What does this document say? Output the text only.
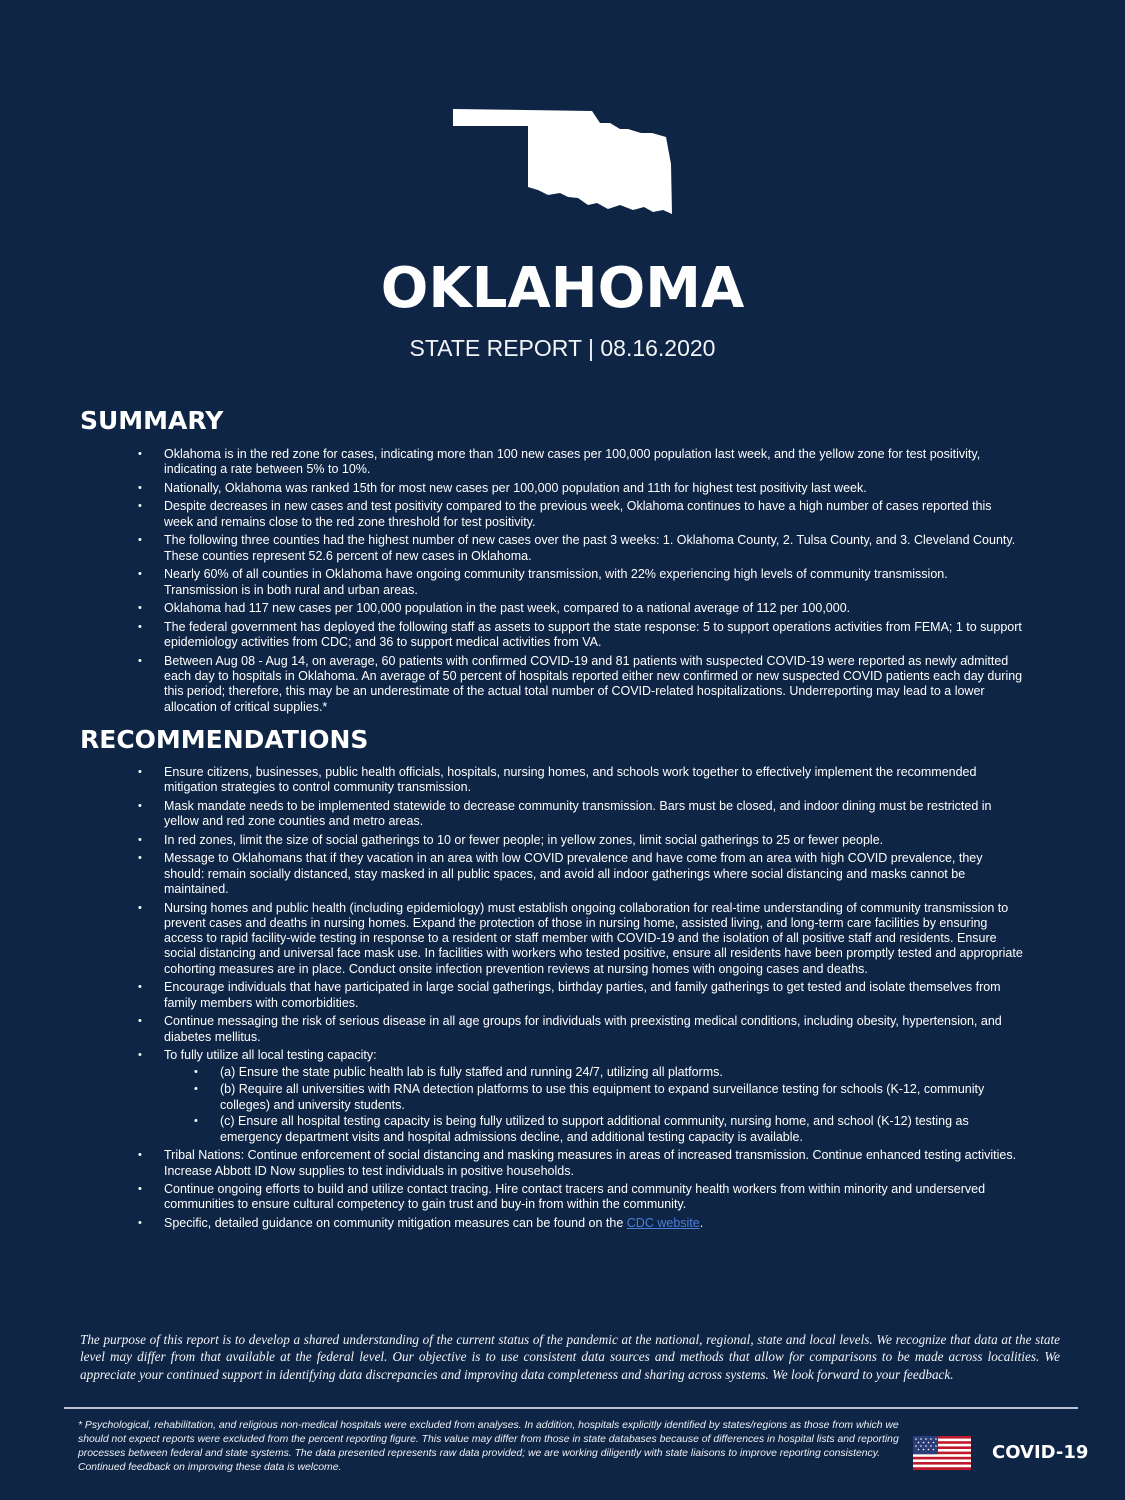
OKLAHOMA
STATE REPORT | 08.16.2020
SUMMARY
• Oklahoma is in the red zone for cases, indicating more than 100 new cases per 100,000 population last week, and the yellow zone for test positivity, indicating a rate between 5% to 10%.
• Nationally, Oklahoma was ranked 15th for most new cases per 100,000 population and 11th for highest test positivity last week.
• Despite decreases in new cases and test positivity compared to the previous week, Oklahoma continues to have a high number of cases reported this week and remains close to the red zone threshold for test positivity.
• The following three counties had the highest number of new cases over the past 3 weeks: 1. Oklahoma County, 2. Tulsa County, and 3. Cleveland County. These counties represent 52.6 percent of new cases in Oklahoma.
• Nearly 60% of all counties in Oklahoma have ongoing community transmission, with 22% experiencing high levels of community transmission. Transmission is in both rural and urban areas.
• Oklahoma had 117 new cases per 100,000 population in the past week, compared to a national average of 112 per 100,000.
• The federal government has deployed the following staff as assets to support the state response: 5 to support operations activities from FEMA; 1 to support epidemiology activities from CDC; and 36 to support medical activities from VA.
• Between Aug 08 - Aug 14, on average, 60 patients with confirmed COVID-19 and 81 patients with suspected COVID-19 were reported as newly admitted each day to hospitals in Oklahoma. An average of 50 percent of hospitals reported either new confirmed or new suspected COVID patients each day during this period; therefore, this may be an underestimate of the actual total number of COVID-related hospitalizations. Underreporting may lead to a lower allocation of critical supplies.*
RECOMMENDATIONS
• Ensure citizens, businesses, public health officials, hospitals, nursing homes, and schools work together to effectively implement the recommended mitigation strategies to control community transmission.
• Mask mandate needs to be implemented statewide to decrease community transmission. Bars must be closed, and indoor dining must be restricted in yellow and red zone counties and metro areas.
• In red zones, limit the size of social gatherings to 10 or fewer people; in yellow zones, limit social gatherings to 25 or fewer people.
• Message to Oklahomans that if they vacation in an area with low COVID prevalence and have come from an area with high COVID prevalence, they should: remain socially distanced, stay masked in all public spaces, and avoid all indoor gatherings where social distancing and masks cannot be maintained.
• Nursing homes and public health (including epidemiology) must establish ongoing collaboration for real-time understanding of community transmission to prevent cases and deaths in nursing homes. Expand the protection of those in nursing home, assisted living, and long-term care facilities by ensuring access to rapid facility-wide testing in response to a resident or staff member with COVID-19 and the isolation of all positive staff and residents. Ensure social distancing and universal face mask use. In facilities with workers who tested positive, ensure all residents have been promptly tested and appropriate cohorting measures are in place. Conduct onsite infection prevention reviews at nursing homes with ongoing cases and deaths.
• Encourage individuals that have participated in large social gatherings, birthday parties, and family gatherings to get tested and isolate themselves from family members with comorbidities.
• Continue messaging the risk of serious disease in all age groups for individuals with preexisting medical conditions, including obesity, hypertension, and diabetes mellitus.
• To fully utilize all local testing capacity:
• (a) Ensure the state public health lab is fully staffed and running 24/7, utilizing all platforms.
• (b) Require all universities with RNA detection platforms to use this equipment to expand surveillance testing for schools (K-12, community colleges) and university students.
• (c) Ensure all hospital testing capacity is being fully utilized to support additional community, nursing home, and school (K-12) testing as emergency department visits and hospital admissions decline, and additional testing capacity is available.
• Tribal Nations: Continue enforcement of social distancing and masking measures in areas of increased transmission. Continue enhanced testing activities. Increase Abbott ID Now supplies to test individuals in positive households.
• Continue ongoing efforts to build and utilize contact tracing. Hire contact tracers and community health workers from within minority and underserved communities to ensure cultural competency to gain trust and buy-in from within the community.
• Specific, detailed guidance on community mitigation measures can be found on the CDC website.
The purpose of this report is to develop a shared understanding of the current status of the pandemic at the national, regional, state and local levels. We recognize that data at the state level may differ from that available at the federal level. Our objective is to use consistent data sources and methods that allow for comparisons to be made across localities. We appreciate your continued support in identifying data discrepancies and improving data completeness and sharing across systems. We look forward to your feedback.
* Psychological, rehabilitation, and religious non-medical hospitals were excluded from analyses. In addition, hospitals explicitly identified by states/regions as those from which we should not expect reports were excluded from the percent reporting figure. This value may differ from those in state databases because of differences in hospital lists and reporting processes between federal and state systems. The data presented represents raw data provided; we are working diligently with state liaisons to improve reporting consistency. Continued feedback on improving these data is welcome.
COVID-19
